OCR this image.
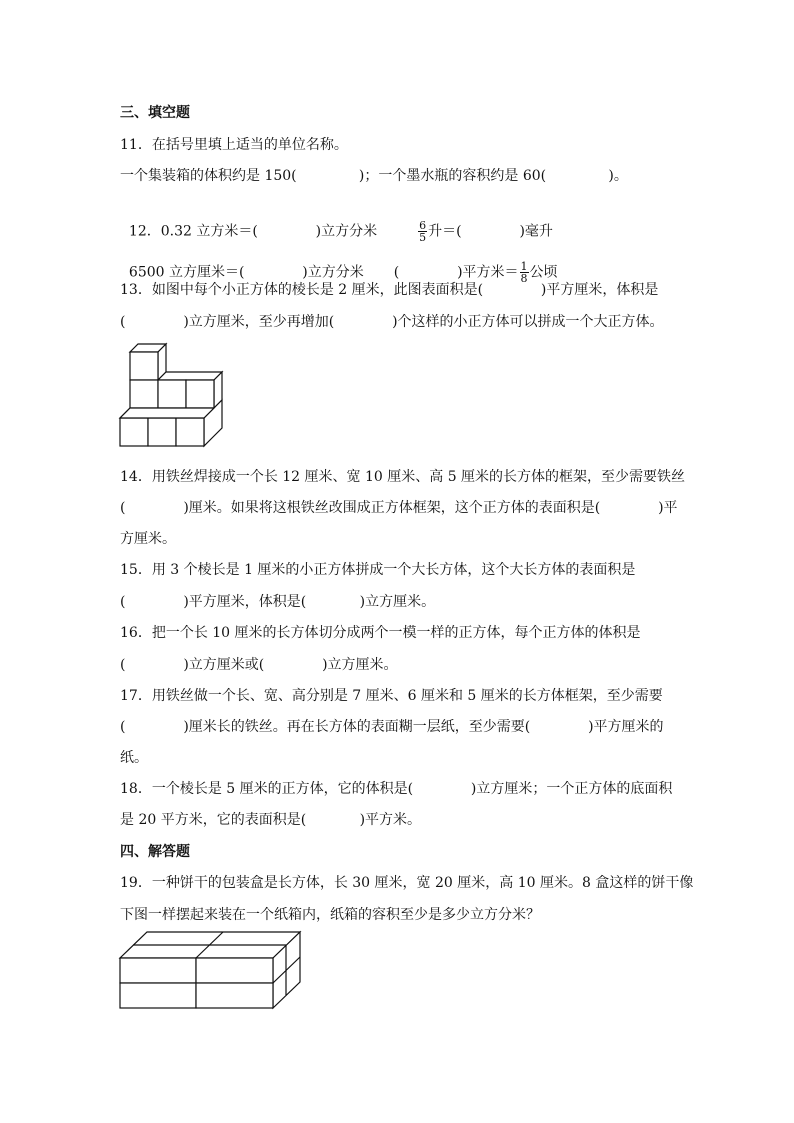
三、填空题
11．在括号里填上适当的单位名称。
一个集装箱的体积约是 150(              )；一个墨水瓶的容积约是 60(              )。

12．0.32 立方米＝(             )立方分米	$\frac{6}{5}$ 升＝(             )毫升

6500 立方厘米＝(             )立方分米 (             )平方米＝ $\frac{1}{8}$ 公顷

13．如图中每个小正方体的棱长是 2 厘米，此图表面积是(             )平方厘米，体积是
(             )立方厘米，至少再增加(             )个这样的小正方体可以拼成一个大正方体。
14．用铁丝焊接成一个长 12 厘米、宽 10 厘米、高 5 厘米的长方体的框架，至少需要铁丝
(             )厘米。如果将这根铁丝改围成正方体框架，这个正方体的表面积是(             )平
方厘米。
15．用 3 个棱长是 1 厘米的小正方体拼成一个大长方体，这个大长方体的表面积是
(             )平方厘米，体积是(            )立方厘米。
16．把一个长 10 厘米的长方体切分成两个一模一样的正方体，每个正方体的体积是
(             )立方厘米或(             )立方厘米。
17．用铁丝做一个长、宽、高分别是 7 厘米、6 厘米和 5 厘米的长方体框架，至少需要
(             )厘米长的铁丝。再在长方体的表面糊一层纸，至少需要(             )平方厘米的
纸。
18．一个棱长是 5 厘米的正方体，它的体积是(             )立方厘米；一个正方体的底面积
是 20 平方米，它的表面积是(            )平方米。
四、解答题
19．一种饼干的包装盒是长方体，长 30 厘米，宽 20 厘米，高 10 厘米。8 盒这样的饼干像
下图一样摆起来装在一个纸箱内，纸箱的容积至少是多少立方分米？
